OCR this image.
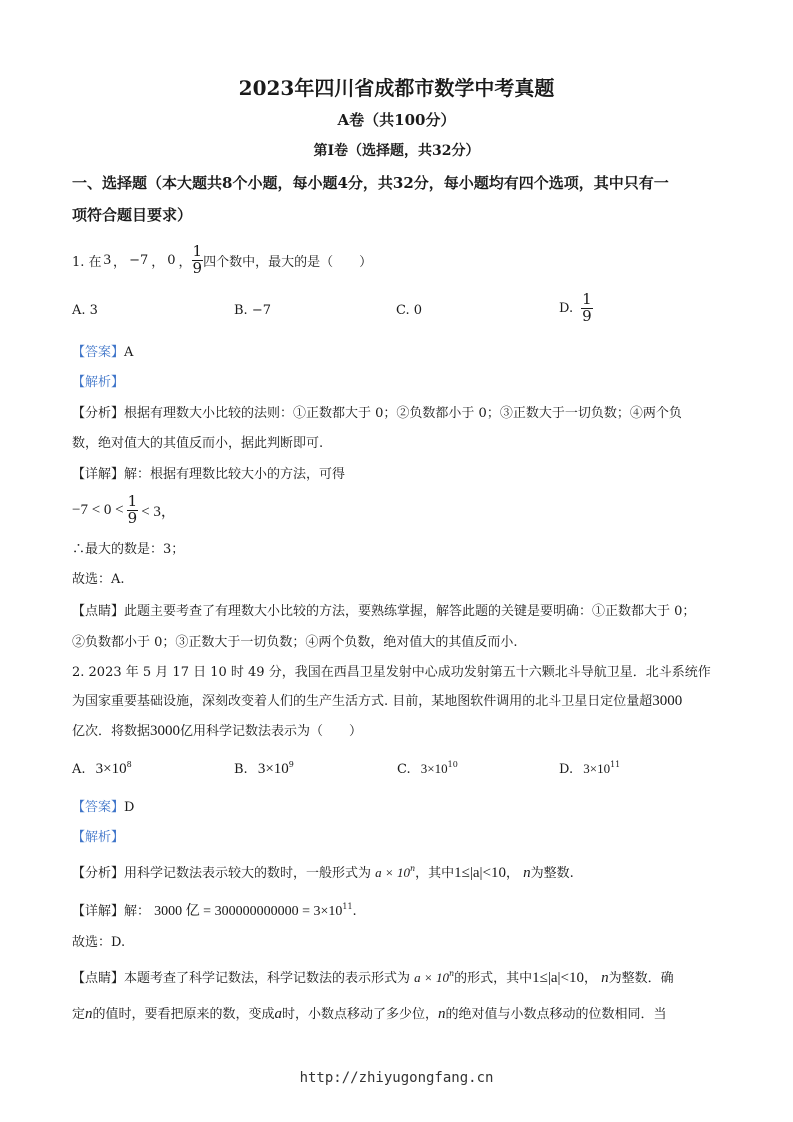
2023年四川省成都市数学中考真题
A卷（共100分）
第I卷（选择题，共32分）
一、选择题（本大题共8个小题，每小题4分，共32分，每小题均有四个选项，其中只有一
项符合题目要求）
1. 在 3 ， −7 ， 0 ， $\frac{1}{9}$ 四个数中，最大的是（　　）
A. 3	B. −7	C. 0	D. $\frac{1}{9}$
【答案】A
【解析】
【分析】根据有理数大小比较的法则：①正数都大于 0；②负数都小于 0；③正数大于一切负数；④两个负
数，绝对值大的其值反而小，据此判断即可.
【详解】解：根据有理数比较大小的方法，可得
$-7 < 0 < \frac{1}{9} < 3$，
∴最大的数是：3；
故选：A.
【点睛】此题主要考查了有理数大小比较的方法，要熟练掌握，解答此题的关键是要明确：①正数都大于 0；
②负数都小于 0；③正数大于一切负数；④两个负数，绝对值大的其值反而小.
2. 2023 年 5 月 17 日 10 时 49 分，我国在西昌卫星发射中心成功发射第五十六颗北斗导航卫星．北斗系统作
为国家重要基础设施，深刻改变着人们的生产生活方式. 目前，某地图软件调用的北斗卫星日定位量超3000
亿次．将数据3000亿用科学记数法表示为（　　）
A. $3\times 10^8$	B. $3\times 10^9$	C. $3\times 10^{10}$	D. $3\times 10^{11}$
【答案】D
【解析】
【分析】用科学记数法表示较大的数时，一般形式为 $a \times 10^n$，其中1≤|a|<10， n为整数.
【详解】解： 3000 亿 = $300000000000 = 3\times 10^{11}$.
故选：D.
【点睛】本题考查了科学记数法，科学记数法的表示形式为 $a \times 10^n$的形式，其中1≤|a|<10， n为整数．确
定n的值时，要看把原来的数，变成a时，小数点移动了多少位，n的绝对值与小数点移动的位数相同．当
http://zhiyugongfang.cn
